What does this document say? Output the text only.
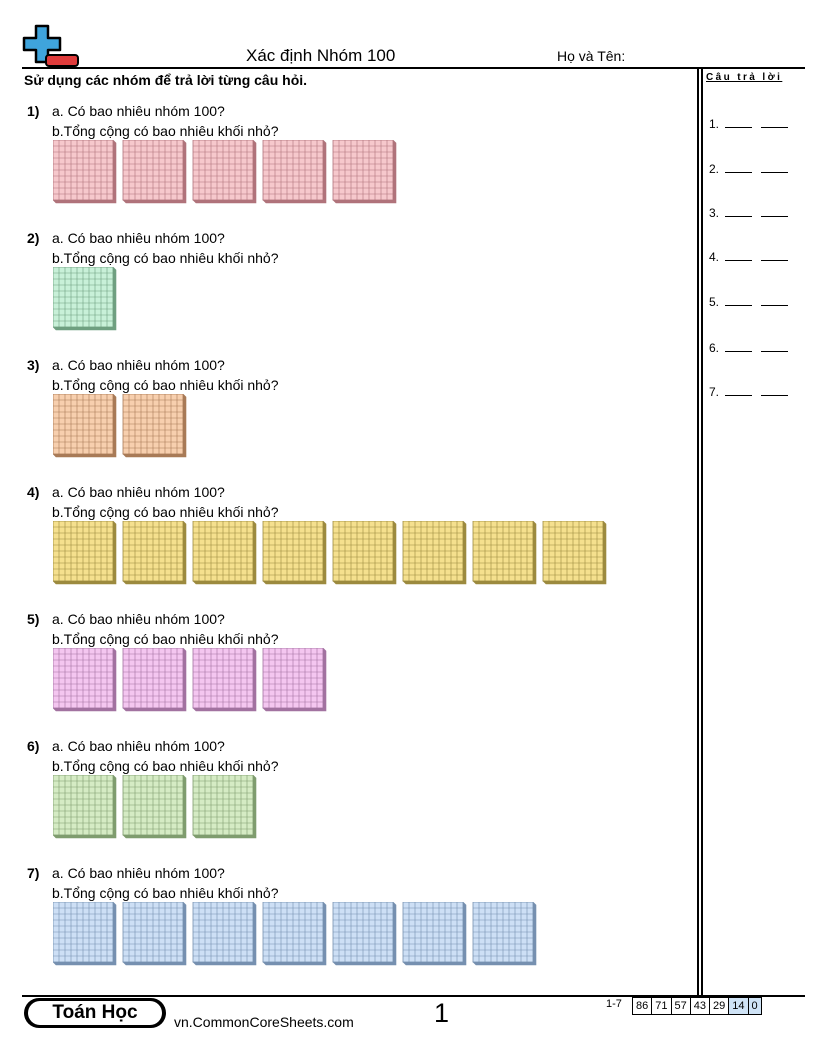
Xác định Nhóm 100	Họ và Tên:
Sử dụng các nhóm để trả lời từng câu hỏi.	Câu trả lời
1.
2.
3.
4.
5.
6.
7.
1) a. Có bao nhiêu nhóm 100?
b.Tổng cộng có bao nhiêu khối nhỏ?
2) a. Có bao nhiêu nhóm 100?
b.Tổng cộng có bao nhiêu khối nhỏ?
3) a. Có bao nhiêu nhóm 100?
b.Tổng cộng có bao nhiêu khối nhỏ?
4) a. Có bao nhiêu nhóm 100?
b.Tổng cộng có bao nhiêu khối nhỏ?
5) a. Có bao nhiêu nhóm 100?
b.Tổng cộng có bao nhiêu khối nhỏ?
6) a. Có bao nhiêu nhóm 100?
b.Tổng cộng có bao nhiêu khối nhỏ?
7) a. Có bao nhiêu nhóm 100?
b.Tổng cộng có bao nhiêu khối nhỏ?
Toán Học	vn.CommonCoreSheets.com	1	1-7	86 71 57 43 29 14 0
